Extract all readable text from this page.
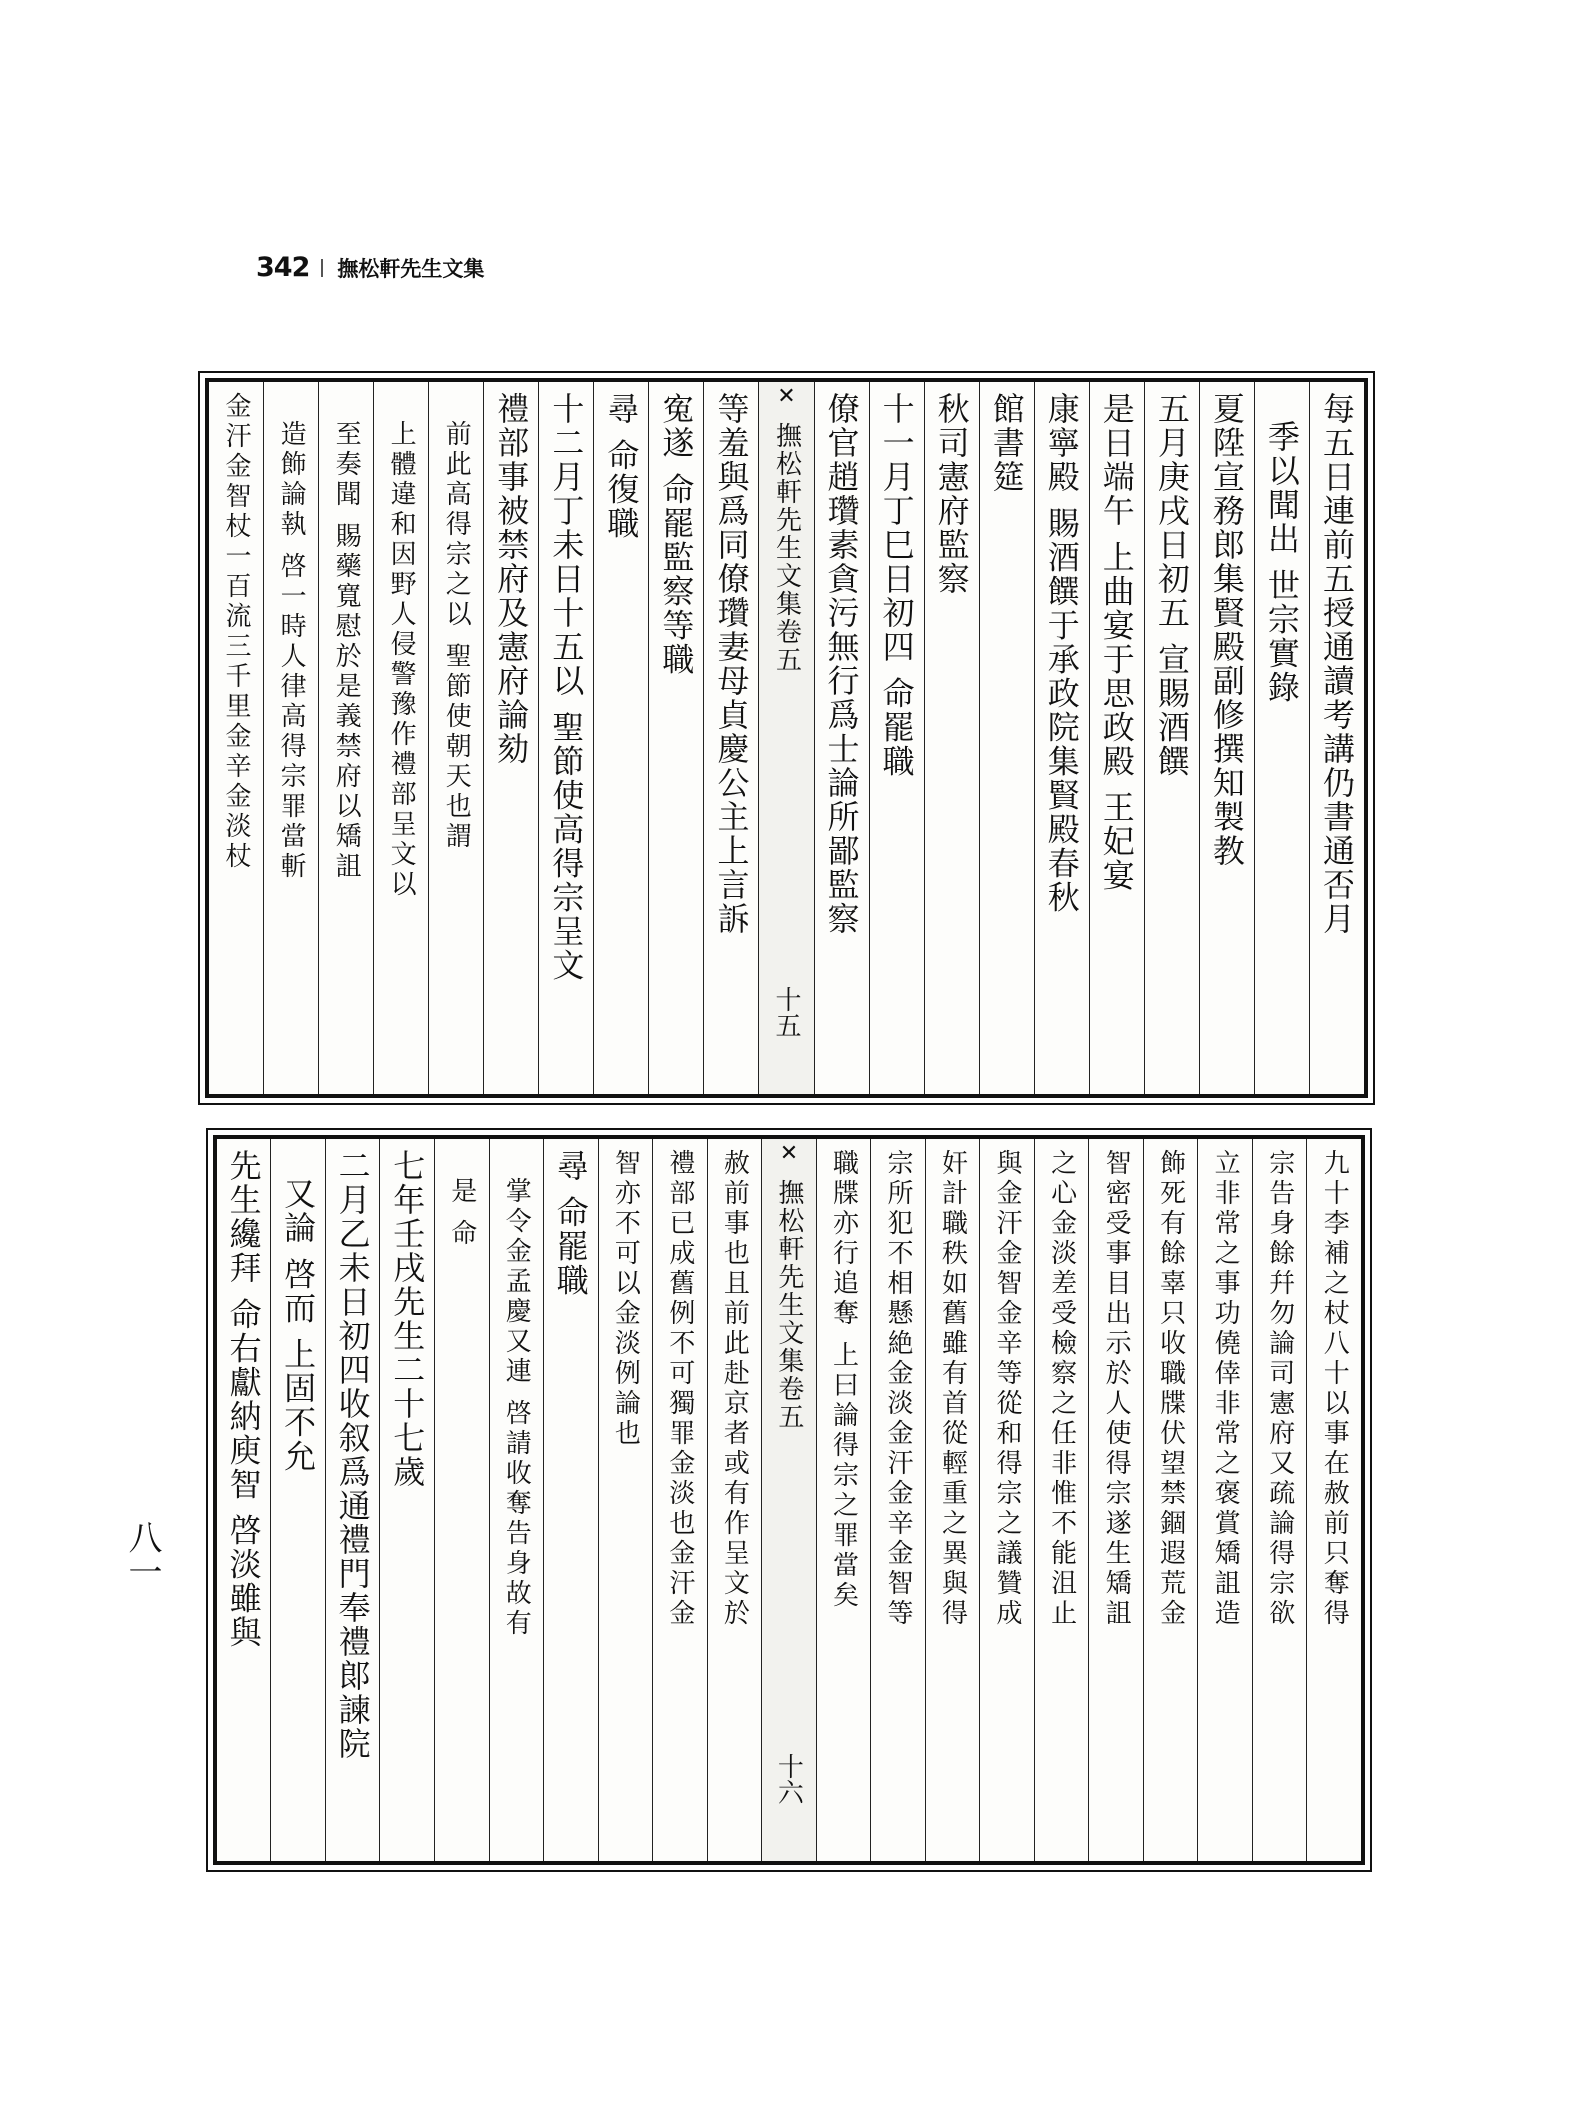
342 撫松軒先生文集
八一
每五日連前五授通讀考講仍書通否月
季以聞出 世宗實錄
夏陞宣務郎集賢殿副修撰知製教
五月庚戌日初五 宣賜酒饌
是日端午 上曲宴于思政殿 王妃宴
康寧殿 賜酒饌于承政院集賢殿春秋
館書筵
秋司憲府監察
十一月丁巳日初四 命罷職
僚官趙瓚素貪污無行爲士論所鄙監察
✕
撫松軒先生文集卷五
十五
等羞與爲同僚瓚妻母貞慶公主上言訴
寃遂 命罷監察等職
尋 命復職
十二月丁未日十五以 聖節使高得宗呈文
禮部事被禁府及憲府論劾
前此高得宗之以 聖節使朝天也謂
上體違和因野人侵警豫作禮部呈文以
至奏聞 賜藥寬慰於是義禁府以矯詛
造飾論執 啓一時人律高得宗罪當斬
金汗金智杖一百流三千里金辛金淡杖
九十李補之杖八十以事在赦前只奪得
宗告身餘幷勿論司憲府又疏論得宗欲
立非常之事功僥倖非常之褒賞矯詛造
飾死有餘辜只收職牒伏望禁錮遐荒金
智密受事目出示於人使得宗遂生矯詛
之心金淡差受檢察之任非惟不能沮止
與金汗金智金辛等從和得宗之議贊成
奸計職秩如舊雖有首從輕重之異與得
宗所犯不相懸絶金淡金汗金辛金智等
職牒亦行追奪 上曰論得宗之罪當矣
✕
撫松軒先生文集卷五
十六
赦前事也且前此赴京者或有作呈文於
禮部已成舊例不可獨罪金淡也金汗金
智亦不可以金淡例論也
尋 命罷職
掌令金孟慶又連 啓請收奪告身故有
是 命
七年壬戌先生二十七歲
二月乙未日初四收叙爲通禮門奉禮郞諫院
又論 啓而 上固不允
先生纔拜 命右獻納庾智 啓淡雖與
